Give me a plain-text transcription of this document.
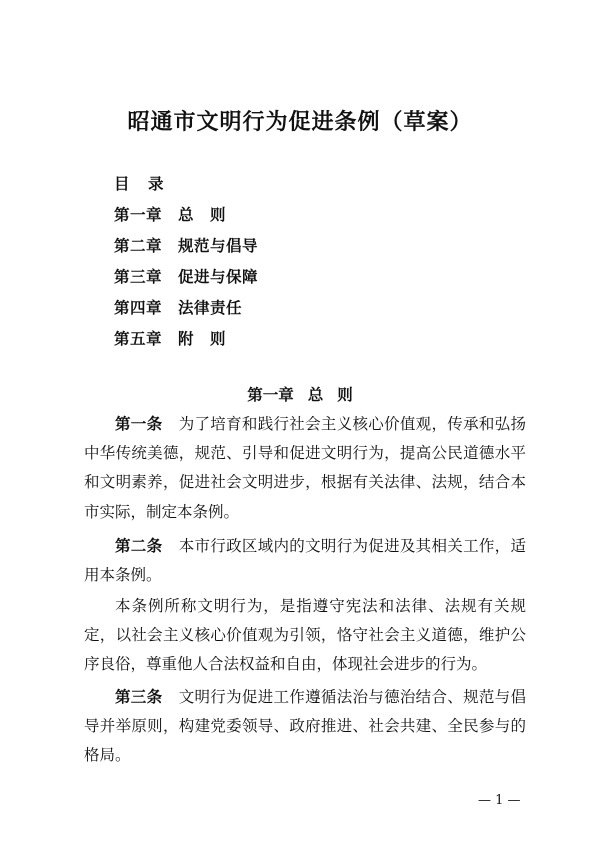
昭通市文明行为促进条例（草案）
目 录
第一章 总 则
第二章 规范与倡导
第三章 促进与保障
第四章 法律责任
第五章 附 则
第一章 总 则

第一条 为了培育和践行社会主义核心价值观，传承和弘扬中华传统美德，规范、引导和促进文明行为，提高公民道德水平和文明素养，促进社会文明进步，根据有关法律、法规，结合本市实际，制定本条例。

第二条 本市行政区域内的文明行为促进及其相关工作，适用本条例。

本条例所称文明行为，是指遵守宪法和法律、法规有关规定，以社会主义核心价值观为引领，恪守社会主义道德，维护公序良俗，尊重他人合法权益和自由，体现社会进步的行为。

第三条 文明行为促进工作遵循法治与德治结合、规范与倡导并举原则，构建党委领导、政府推进、社会共建、全民参与的格局。

— 1 —
